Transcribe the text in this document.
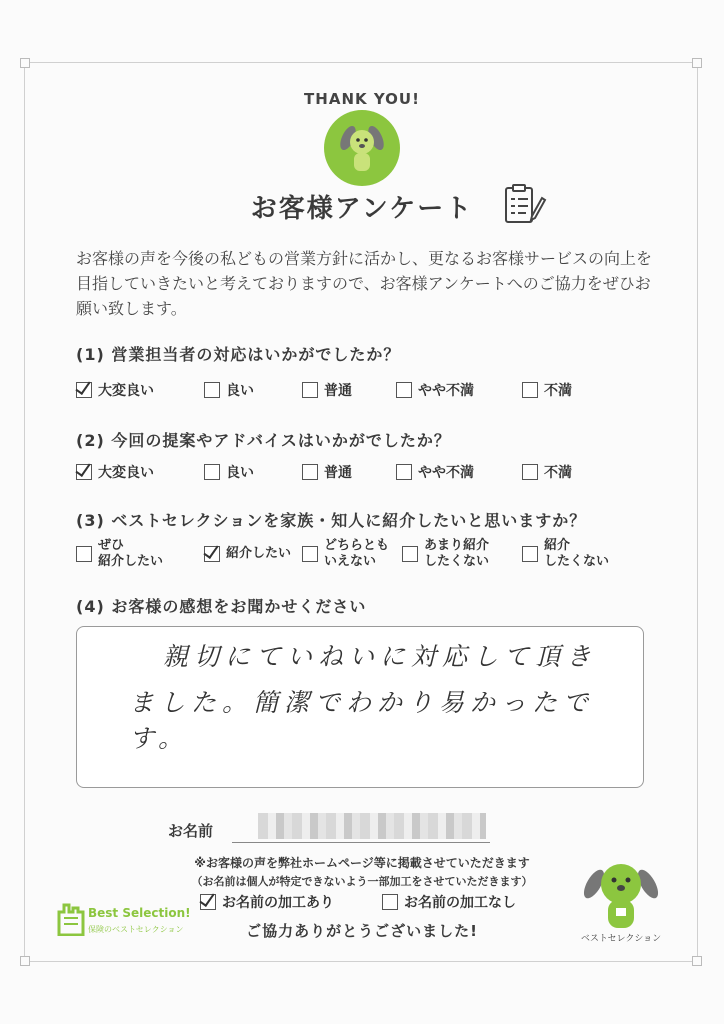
THANK YOU!
お客様アンケート
お客様の声を今後の私どもの営業方針に活かし、更なるお客様サービスの向上を目指していきたいと考えておりますので、お客様アンケートへのご協力をぜひお願い致します。
(1) 営業担当者の対応はいかがでしたか？
大変良い	良い	普通	やや不満	不満
(2) 今回の提案やアドバイスはいかがでしたか？
大変良い	良い	普通	やや不満	不満
(3) ベストセレクションを家族・知人に紹介したいと思いますか？
ぜひ
紹介したい
紹介したい
どちらとも
いえない
あまり紹介
したくない
紹介
したくない
(4) お客様の感想をお聞かせください
親切にていねいに対応して頂き
ました。簡潔でわかり易かったです。
お名前
※お客様の声を弊社ホームページ等に掲載させていただきます
（お名前は個人が特定できないよう一部加工をさせていただきます）
お名前の加工あり	お名前の加工なし
ご協力ありがとうございました!
Best Selection!
保険のベストセレクション
ベストセレクション
